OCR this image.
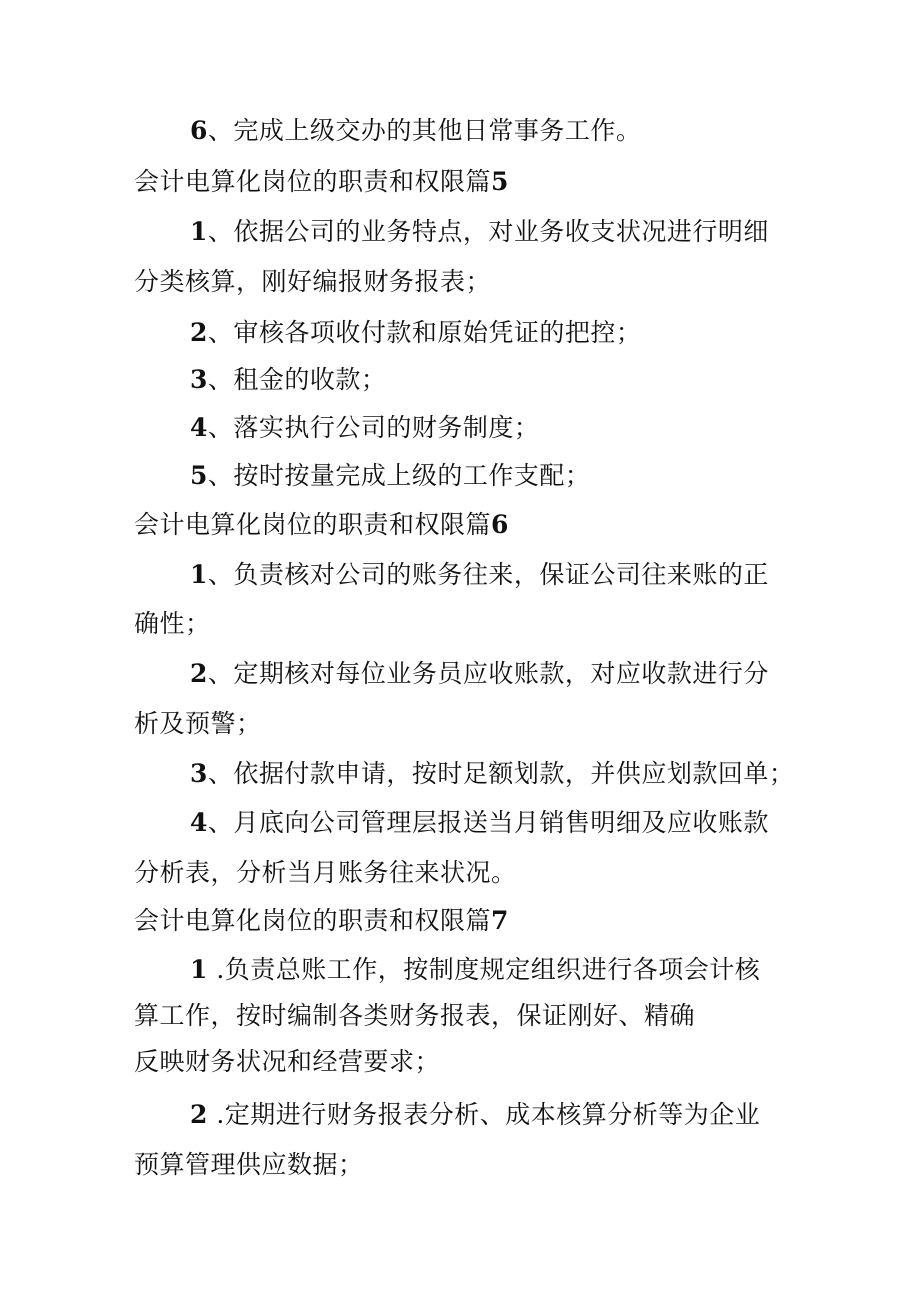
6、完成上级交办的其他日常事务工作。
会计电算化岗位的职责和权限篇5
1、依据公司的业务特点，对业务收支状况进行明细
分类核算，刚好编报财务报表；
2、审核各项收付款和原始凭证的把控；
3、租金的收款；
4、落实执行公司的财务制度；
5、按时按量完成上级的工作支配；
会计电算化岗位的职责和权限篇6
1、负责核对公司的账务往来，保证公司往来账的正
确性；
2、定期核对每位业务员应收账款，对应收款进行分
析及预警；
3、依据付款申请，按时足额划款，并供应划款回单；
4、月底向公司管理层报送当月销售明细及应收账款
分析表，分析当月账务往来状况。
会计电算化岗位的职责和权限篇7
1 .负责总账工作，按制度规定组织进行各项会计核
算工作，按时编制各类财务报表，保证刚好、精确
反映财务状况和经营要求；
2 .定期进行财务报表分析、成本核算分析等为企业
预算管理供应数据；
